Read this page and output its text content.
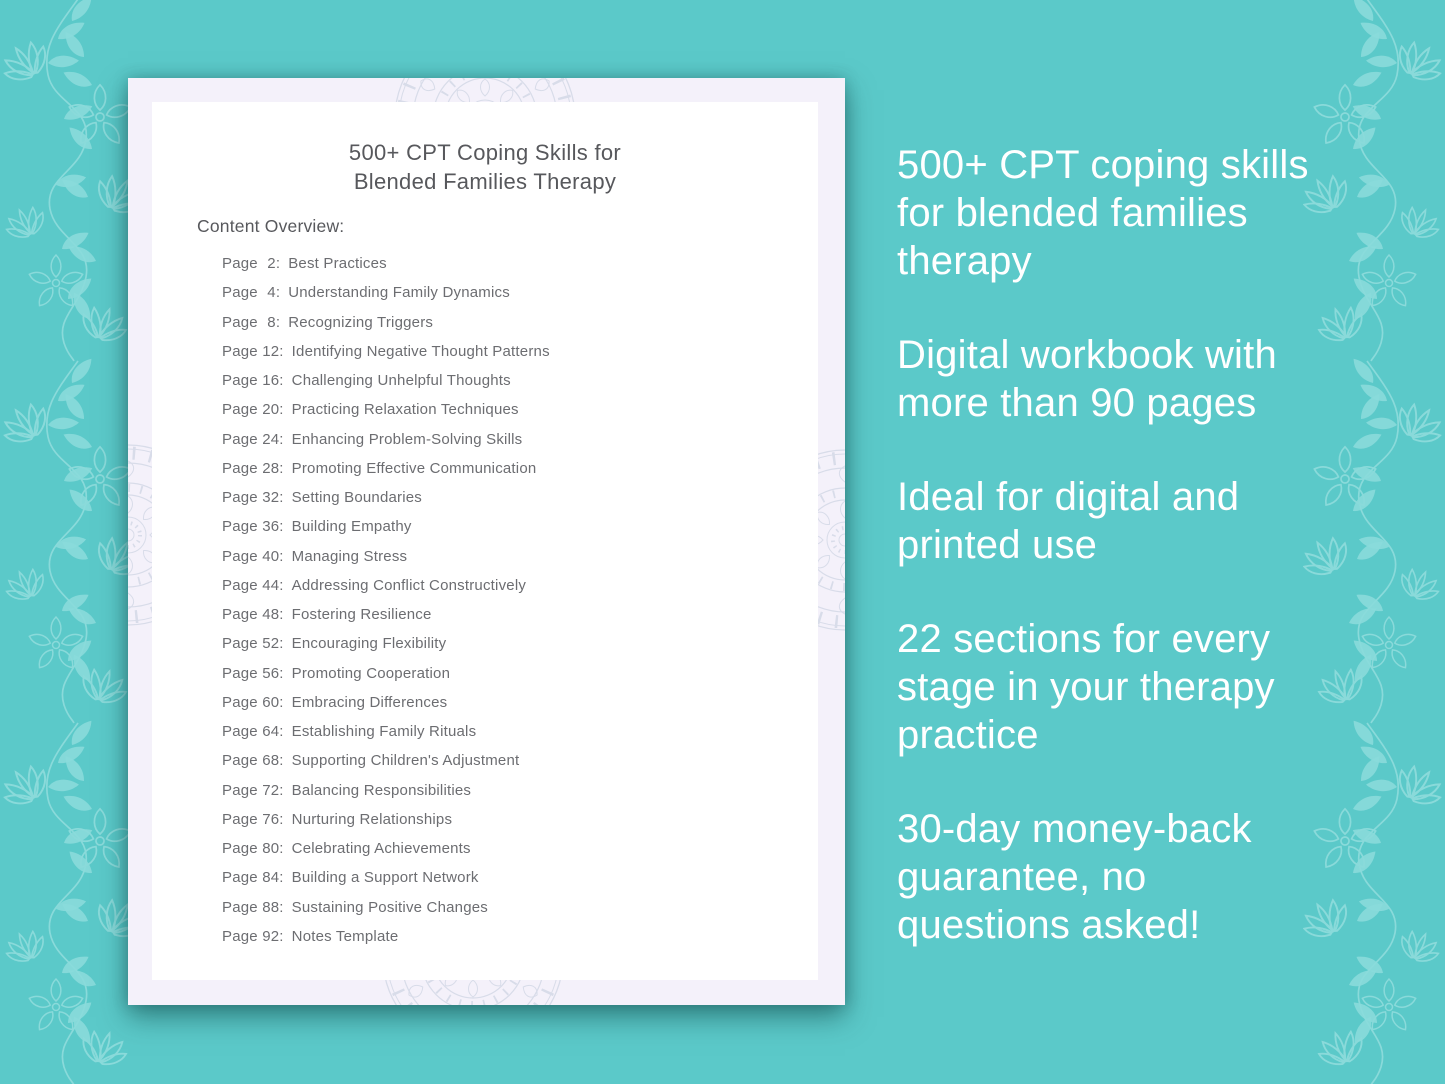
500+ CPT Coping Skills for
Blended Families Therapy
Content Overview:
Page 2: Best Practices
Page 4: Understanding Family Dynamics
Page 8: Recognizing Triggers
Page 12: Identifying Negative Thought Patterns
Page 16: Challenging Unhelpful Thoughts
Page 20: Practicing Relaxation Techniques
Page 24: Enhancing Problem-Solving Skills
Page 28: Promoting Effective Communication
Page 32: Setting Boundaries
Page 36: Building Empathy
Page 40: Managing Stress
Page 44: Addressing Conflict Constructively
Page 48: Fostering Resilience
Page 52: Encouraging Flexibility
Page 56: Promoting Cooperation
Page 60: Embracing Differences
Page 64: Establishing Family Rituals
Page 68: Supporting Children's Adjustment
Page 72: Balancing Responsibilities
Page 76: Nurturing Relationships
Page 80: Celebrating Achievements
Page 84: Building a Support Network
Page 88: Sustaining Positive Changes
Page 92: Notes Template
500+ CPT coping skills
for blended families
therapy
Digital workbook with
more than 90 pages
Ideal for digital and
printed use
22 sections for every
stage in your therapy
practice
30-day money-back
guarantee, no
questions asked!
